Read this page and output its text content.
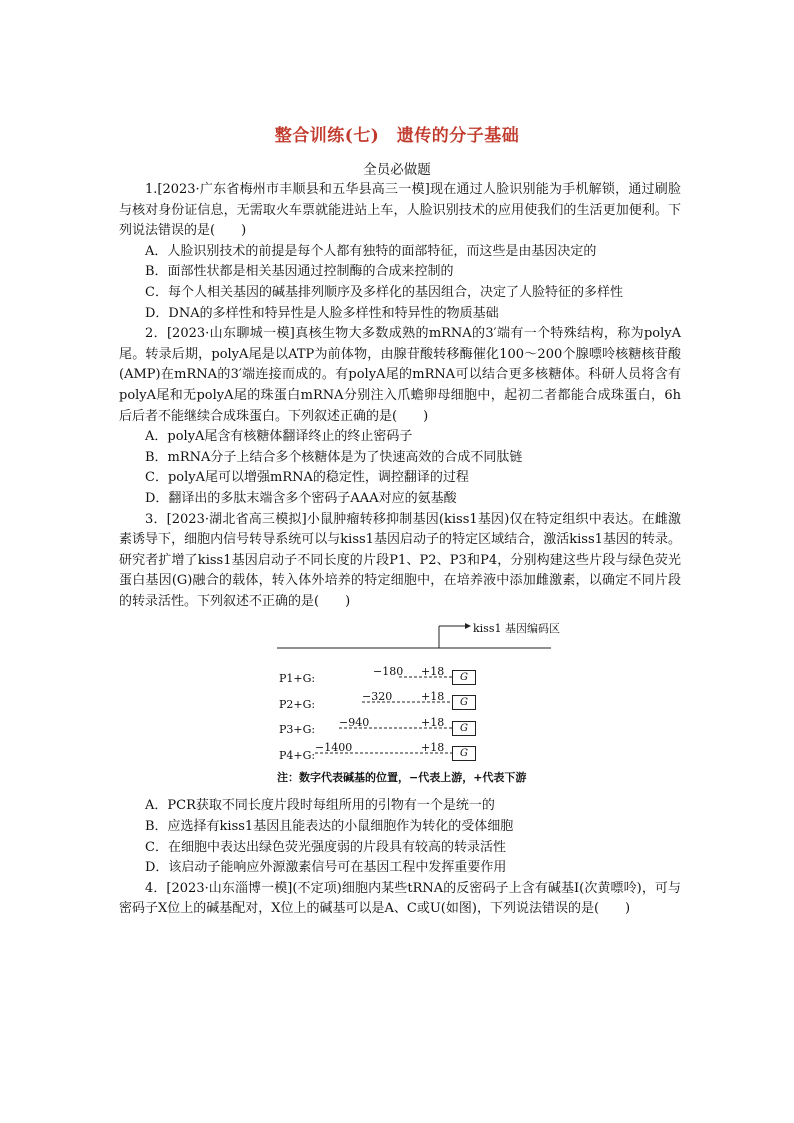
整合训练(七)　遗传的分子基础
全员必做题

1.[2023·广东省梅州市丰顺县和五华县高三一模]现在通过人脸识别能为手机解锁，通过刷脸与核对身份证信息，无需取火车票就能进站上车，人脸识别技术的应用使我们的生活更加便利。下列说法错误的是(　　)

A．人脸识别技术的前提是每个人都有独特的面部特征，而这些是由基因决定的

B．面部性状都是相关基因通过控制酶的合成来控制的

C．每个人相关基因的碱基排列顺序及多样化的基因组合，决定了人脸特征的多样性

D．DNA的多样性和特异性是人脸多样性和特异性的物质基础

2．[2023·山东聊城一模]真核生物大多数成熟的mRNA的3′端有一个特殊结构，称为polyA尾。转录后期，polyA尾是以ATP为前体物，由腺苷酸转移酶催化100～200个腺嘌呤核糖核苷酸(AMP)在mRNA的3′端连接而成的。有polyA尾的mRNA可以结合更多核糖体。科研人员将含有polyA尾和无polyA尾的珠蛋白mRNA分别注入爪蟾卵母细胞中，起初二者都能合成珠蛋白，6h后后者不能继续合成珠蛋白。下列叙述正确的是(　　)

A．polyA尾含有核糖体翻译终止的终止密码子

B．mRNA分子上结合多个核糖体是为了快速高效的合成不同肽链

C．polyA尾可以增强mRNA的稳定性，调控翻译的过程

D．翻译出的多肽末端含多个密码子AAA对应的氨基酸

3．[2023·湖北省高三模拟]小鼠肿瘤转移抑制基因(kiss1基因)仅在特定组织中表达。在雌激素诱导下，细胞内信号转导系统可以与kiss1基因启动子的特定区域结合，激活kiss1基因的转录。研究者扩增了kiss1基因启动子不同长度的片段P1、P2、P3和P4，分别构建这些片段与绿色荧光蛋白基因(G)融合的载体，转入体外培养的特定细胞中，在培养液中添加雌激素，以确定不同片段的转录活性。下列叙述不正确的是(　　)

kiss1 基因编码区
P1+G:
−180 +18	G
P2+G:
−320	+18	G
P3+G:
−940	+18	G
P4+G:
−1400	+18	G
注：数字代表碱基的位置，−代表上游，+代表下游

A．PCR获取不同长度片段时每组所用的引物有一个是统一的

B．应选择有kiss1基因且能表达的小鼠细胞作为转化的受体细胞

C．在细胞中表达出绿色荧光强度弱的片段具有较高的转录活性

D．该启动子能响应外源激素信号可在基因工程中发挥重要作用

4．[2023·山东淄博一模](不定项)细胞内某些tRNA的反密码子上含有碱基I(次黄嘌呤)，可与密码子X位上的碱基配对，X位上的碱基可以是A、C或U(如图)，下列说法错误的是(　　)
